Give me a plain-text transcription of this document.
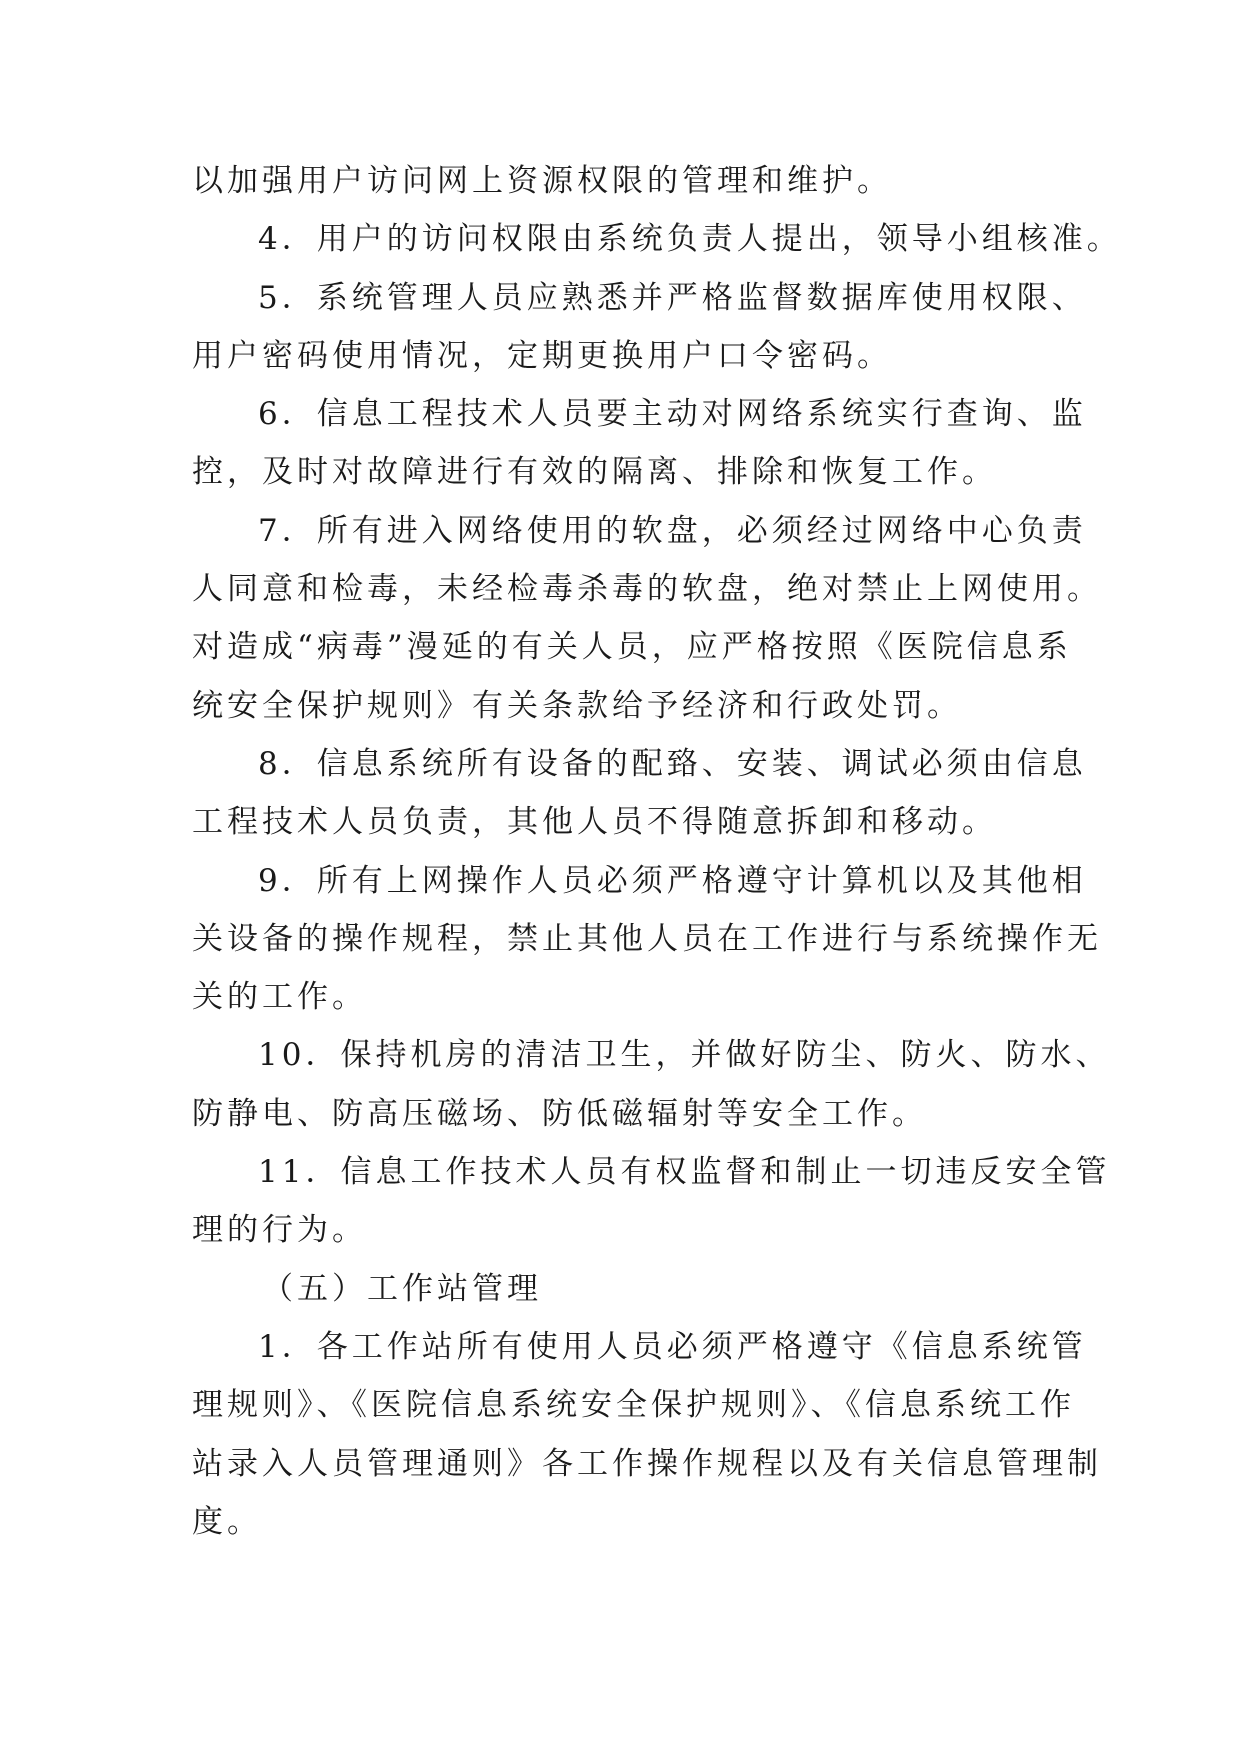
以加强用户访问网上资源权限的管理和维护。
4．用户的访问权限由系统负责人提出，领导小组核准。
5．系统管理人员应熟悉并严格监督数据库使用权限、
用户密码使用情况，定期更换用户口令密码。
6．信息工程技术人员要主动对网络系统实行查询、监
控，及时对故障进行有效的隔离、排除和恢复工作。
7．所有进入网络使用的软盘，必须经过网络中心负责
人同意和检毒，未经检毒杀毒的软盘，绝对禁止上网使用。
对造成“病毒”漫延的有关人员，应严格按照《医院信息系
统安全保护规则》有关条款给予经济和行政处罚。
8．信息系统所有设备的配臵、安装、调试必须由信息
工程技术人员负责，其他人员不得随意拆卸和移动。
9．所有上网操作人员必须严格遵守计算机以及其他相
关设备的操作规程，禁止其他人员在工作进行与系统操作无
关的工作。
10．保持机房的清洁卫生，并做好防尘、防火、防水、
防静电、防高压磁场、防低磁辐射等安全工作。
11．信息工作技术人员有权监督和制止一切违反安全管
理的行为。
（五）工作站管理
1．各工作站所有使用人员必须严格遵守《信息系统管
理规则》、《医院信息系统安全保护规则》、《信息系统工作
站录入人员管理通则》各工作操作规程以及有关信息管理制
度。
